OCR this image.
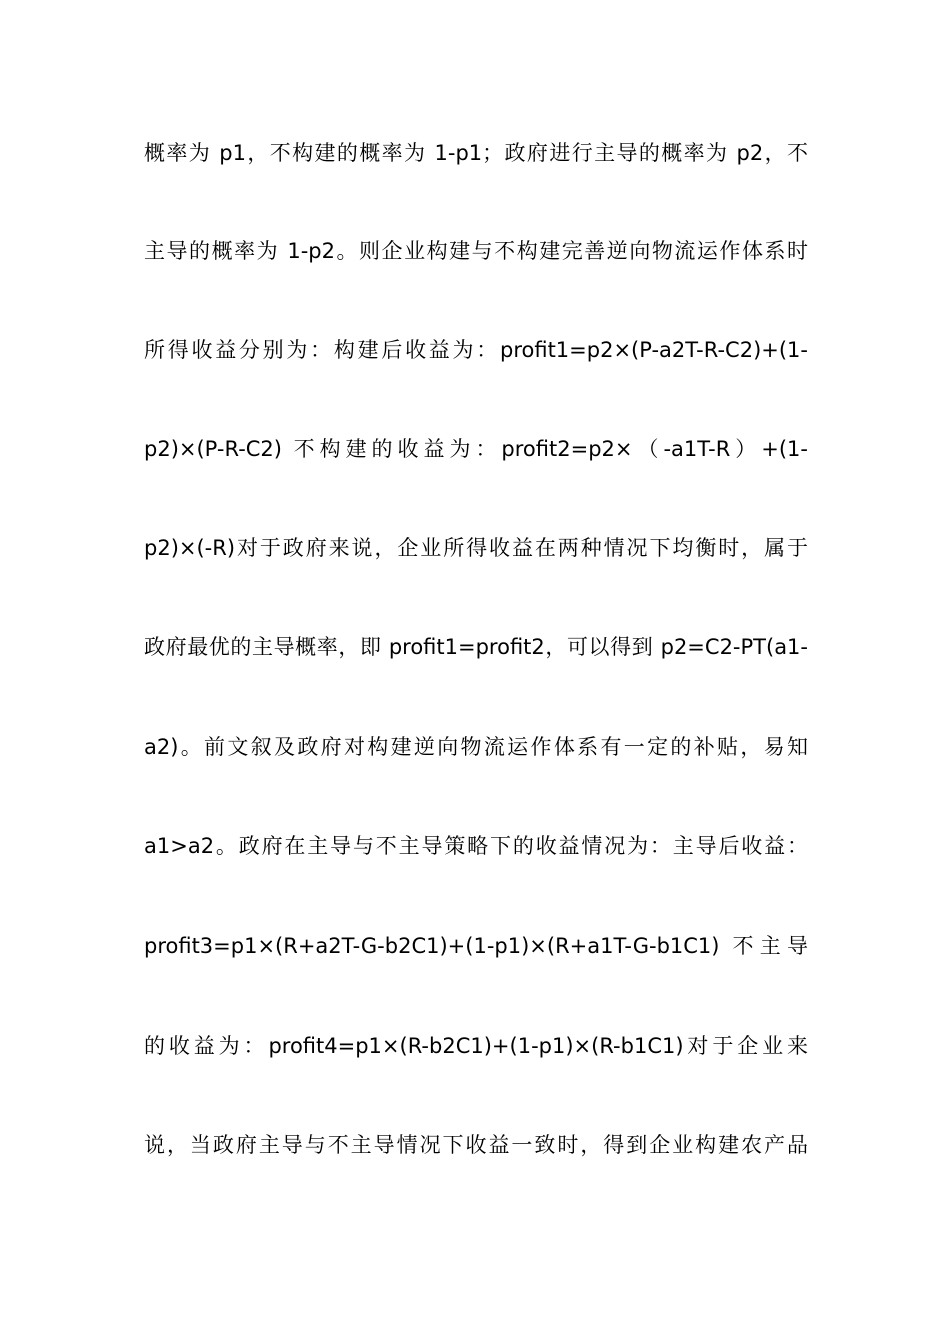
概率为 p1，不构建的概率为 1-p1；政府进行主导的概率为 p2，不
主导的概率为 1-p2。则企业构建与不构建完善逆向物流运作体系时
所得收益分别为：构建后收益为：profit1=p2×(P-a2T-R-C2)+(1-
p2)×(P-R-C2) 不构建的收益为：profit2=p2×（-a1T-R）+(1-
p2)×(-R)对于政府来说，企业所得收益在两种情况下均衡时，属于
政府最优的主导概率，即 profit1=profit2，可以得到 p2=C2-PT(a1-
a2)。前文叙及政府对构建逆向物流运作体系有一定的补贴，易知
a1>a2。政府在主导与不主导策略下的收益情况为：主导后收益：
profit3=p1×(R+a2T-G-b2C1)+(1-p1)×(R+a1T-G-b1C1) 不主导
的收益为：profit4=p1×(R-b2C1)+(1-p1)×(R-b1C1)对于企业来
说，当政府主导与不主导情况下收益一致时，得到企业构建农产品
